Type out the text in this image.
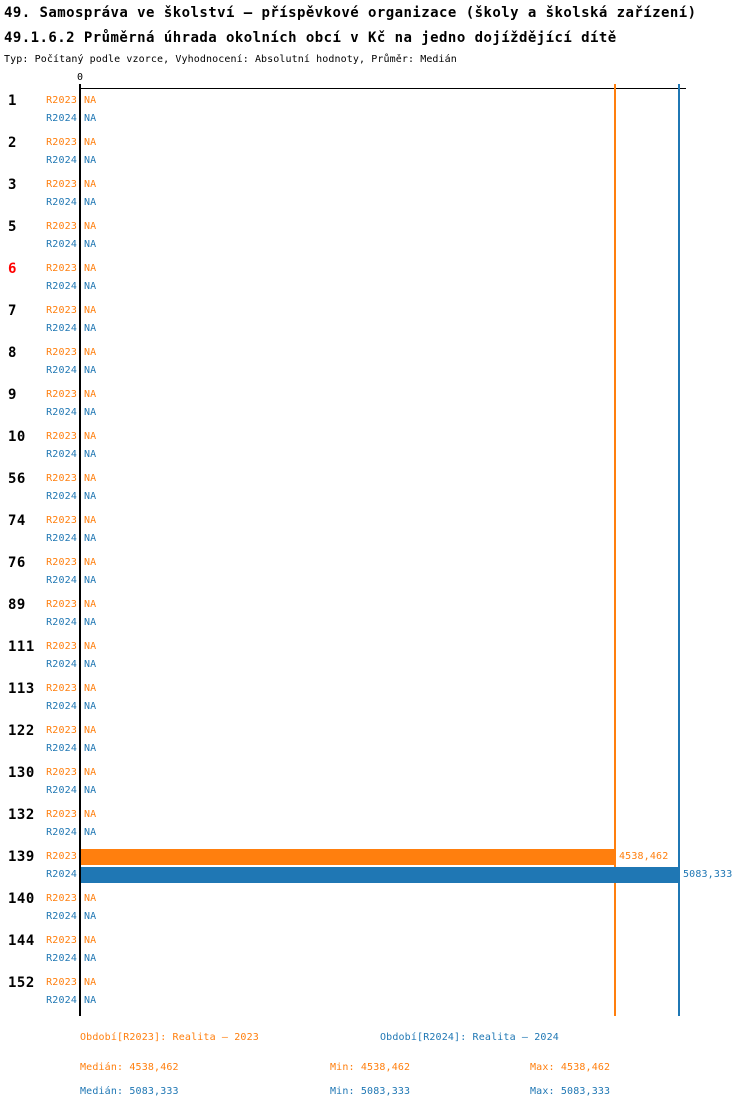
49. Samospráva ve školství – příspěvkové organizace (školy a školská zařízení)
49.1.6.2 Průměrná úhrada okolních obcí v Kč na jedno dojíždějící dítě
Typ: Počítaný podle vzorce, Vyhodnocení: Absolutní hodnoty, Průměr: Medián
0
1	R2023 NA
R2024 NA
2	R2023 NA
R2024 NA
3	R2023 NA
R2024 NA
5	R2023 NA
R2024 NA
6	R2023 NA
R2024 NA
7	R2023 NA
R2024 NA
8	R2023 NA
R2024 NA
9	R2023 NA
R2024 NA
10	R2023 NA
R2024 NA
56	R2023 NA
R2024 NA
74	R2023 NA
R2024 NA
76	R2023 NA
R2024 NA
89	R2023 NA
R2024 NA
111	R2023 NA
R2024 NA
113	R2023 NA
R2024 NA
122	R2023 NA
R2024 NA
130	R2023 NA
R2024 NA
132	R2023 NA
R2024 NA
139	R2023	4538,462
R2024	5083,333
140	R2023 NA
R2024 NA
144	R2023 NA
R2024 NA
152	R2023 NA
R2024 NA
Období[R2023]: Realita – 2023	Období[R2024]: Realita – 2024
Medián: 4538,462	Min: 4538,462	Max: 4538,462
Medián: 5083,333	Min: 5083,333	Max: 5083,333
